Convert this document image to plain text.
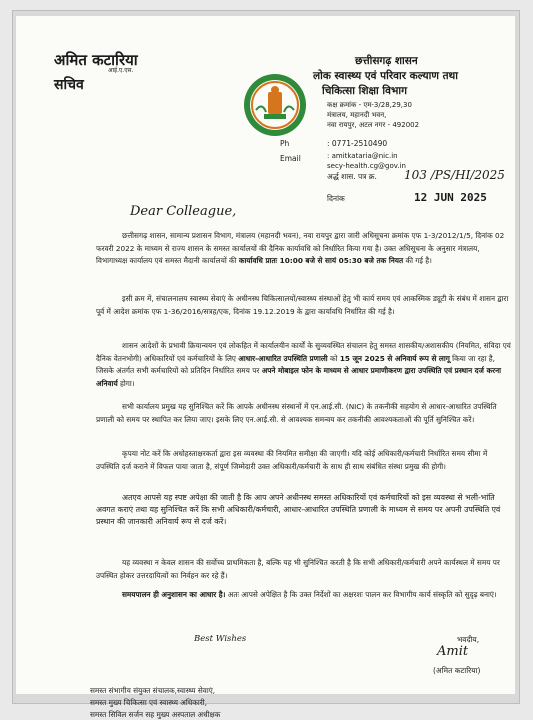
अमित कटारिया
आई.ए.एस.
सचिव
छत्तीसगढ़ शासन
लोक स्वास्थ्य एवं परिवार कल्याण तथा
चिकित्सा शिक्षा विभाग
कक्ष क्रमांक - एम-3/28,29,30
मंत्रालय, महानदी भवन,
नवा रायपुर, अटल नगर - 492002
Ph	: 0771-2510490
Email	: amitkataria@nic.in
secy-health.cg@gov.in
अर्द्ध शास. पत्र क्र. 103 /PS/HI/2025
दिनांक	12 JUN 2025
Dear Colleague,
छत्तीसगढ़ शासन, सामान्य प्रशासन विभाग, मंत्रालय (महानदी भवन), नवा रायपुर द्वारा जारी अधिसूचना क्रमांक एफ 1-3/2012/1/5, दिनांक 02 फरवरी 2022 के माध्यम से राज्य शासन के समस्त कार्यालयों की दैनिक कार्यावधि को निर्धारित किया गया है। उक्त अधिसूचना के अनुसार मंत्रालय, विभागाध्यक्ष कार्यालय एवं समस्त मैदानी कार्यालयों की कार्यावधि प्रातः 10:00 बजे से सायं 05:30 बजे तक नियत की गई है।
इसी क्रम में, संचालनालय स्वास्थ्य सेवाएं के अधीनस्थ चिकित्सालयों/स्वास्थ्य संस्थाओं हेतु भी कार्य समय एवं आकस्मिक ड्यूटी के संबंध में शासन द्वारा पूर्व में आदेश क्रमांक एफ 1-36/2016/सत्रह/एक, दिनांक 19.12.2019 के द्वारा कार्यावधि निर्धारित की गई है।
शासन आदेशों के प्रभावी क्रियान्वयन एवं लोकहित में कार्यालयीन कार्यों के सुव्यवस्थित संचालन हेतु समस्त शासकीय/अशासकीय (नियमित, संविदा एवं दैनिक वेतनभोगी) अधिकारियों एवं कर्मचारियों के लिए आधार-आधारित उपस्थिति प्रणाली को 15 जून 2025 से अनिवार्य रूप से लागू किया जा रहा है, जिसके अंतर्गत सभी कर्मचारियों को प्रतिदिन निर्धारित समय पर अपने मोबाइल फोन के माध्यम से आधार प्रमाणीकरण द्वारा उपस्थिति एवं प्रस्थान दर्ज करना अनिवार्य होगा।
सभी कार्यालय प्रमुख यह सुनिश्चित करें कि आपके अधीनस्थ संस्थानों में एन.आई.सी. (NIC) के तकनीकी सहयोग से आधार-आधारित उपस्थिति प्रणाली को समय पर स्थापित कर लिया जाए। इसके लिए एन.आई.सी. से आवश्यक समन्वय कर तकनीकी आवश्यकताओं की पूर्ति सुनिश्चित करें।
कृपया नोट करें कि अधोहस्ताक्षरकर्ता द्वारा इस व्यवस्था की नियमित समीक्षा की जाएगी। यदि कोई अधिकारी/कर्मचारी निर्धारित समय सीमा में उपस्थिति दर्ज कराने में विफल पाया जाता है, संपूर्ण जिम्मेदारी उक्त अधिकारी/कर्मचारी के साथ ही साथ संबंधित संस्था प्रमुख की होगी।
अतएव आपसे यह स्पष्ट अपेक्षा की जाती है कि आप अपने अधीनस्थ समस्त अधिकारियों एवं कर्मचारियों को इस व्यवस्था से भली-भांति अवगत कराएं तथा यह सुनिश्चित करें कि सभी अधिकारी/कर्मचारी, आधार-आधारित उपस्थिति प्रणाली के माध्यम से समय पर अपनी उपस्थिति एवं प्रस्थान की जानकारी अनिवार्य रूप से दर्ज करें।
यह व्यवस्था न केवल शासन की सर्वोच्च प्राथमिकता है, बल्कि यह भी सुनिश्चित करती है कि सभी अधिकारी/कर्मचारी अपने कार्यस्थल में समय पर उपस्थित होकर उत्तरदायित्वों का निर्वहन कर रहे हैं।
समयपालन ही अनुशासन का आधार है। अतः आपसे अपेक्षित है कि उक्त निर्देशों का अक्षरशः पालन कर विभागीय कार्य संस्कृति को सुदृढ़ बनाएं।
Best Wishes	भवदीय,
Amit
(अमित कटारिया)
समस्त संभागीय संयुक्त संचालक,स्वास्थ्य सेवाएं,
समस्त मुख्य चिकित्सा एवं स्वास्थ्य अधिकारी,
समस्त सिविल सर्जन सह मुख्य अस्पताल अधीक्षक
